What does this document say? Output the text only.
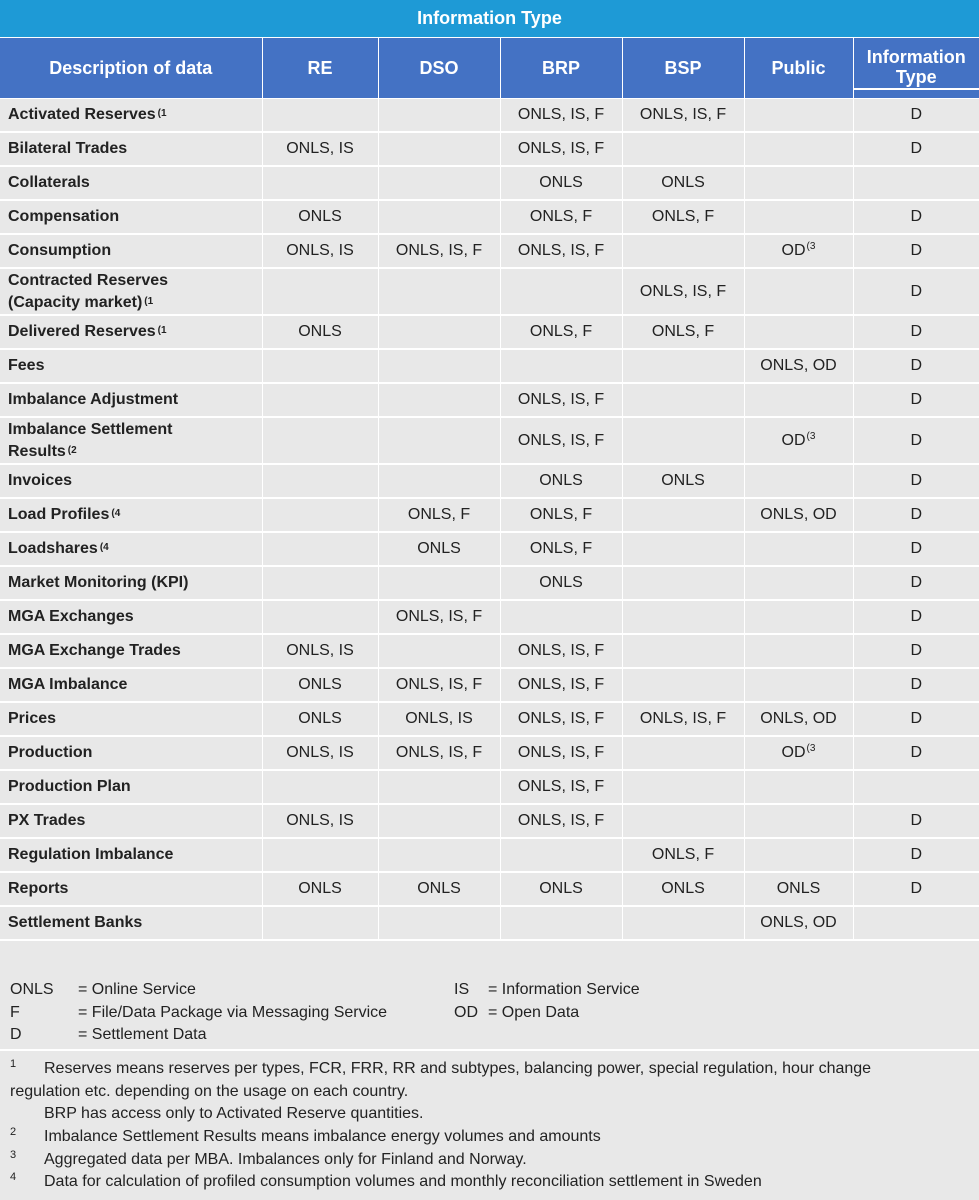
Information Type
Description of data	RE	DSO	BRP	BSP	Public	Information Type
Activated Reserves $^{(1}$			ONLS, IS, F	ONLS, IS, F		D
Bilateral Trades	ONLS, IS		ONLS, IS, F			D
Collaterals			ONLS	ONLS		
Compensation	ONLS		ONLS, F	ONLS, F		D
Consumption	ONLS, IS	ONLS, IS, F	ONLS, IS, F		OD$^{(3}$	D
Contracted Reserves
(Capacity market) $^{(1}$				ONLS, IS, F		D
Delivered Reserves $^{(1}$	ONLS		ONLS, F	ONLS, F		D
Fees					ONLS, OD	D
Imbalance Adjustment			ONLS, IS, F			D
Imbalance Settlement
Results $^{(2}$			ONLS, IS, F		OD$^{(3}$	D
Invoices			ONLS	ONLS		D
Load Profiles $^{(4}$		ONLS, F	ONLS, F		ONLS, OD	D
Loadshares $^{(4}$		ONLS	ONLS, F			D
Market Monitoring (KPI)			ONLS			D
MGA Exchanges		ONLS, IS, F				D
MGA Exchange Trades	ONLS, IS		ONLS, IS, F			D
MGA Imbalance	ONLS	ONLS, IS, F	ONLS, IS, F			D
Prices	ONLS	ONLS, IS	ONLS, IS, F	ONLS, IS, F	ONLS, OD	D
Production	ONLS, IS	ONLS, IS, F	ONLS, IS, F		OD$^{(3}$	D
Production Plan			ONLS, IS, F			
PX Trades	ONLS, IS		ONLS, IS, F			D
Regulation Imbalance				ONLS, F		D
Reports	ONLS	ONLS	ONLS	ONLS	ONLS	D
Settlement Banks					ONLS, OD	
ONLS = Online Service
F	= File/Data Package via Messaging Service
D	= Settlement Data
IS = Information Service
OD = Open Data
1 Reserves means reserves per types, FCR, FRR, RR and subtypes, balancing power, special regulation, hour change
regulation etc. depending on the usage on each country.
BRP has access only to Activated Reserve quantities.
2 Imbalance Settlement Results means imbalance energy volumes and amounts
3 Aggregated data per MBA. Imbalances only for Finland and Norway.
4 Data for calculation of profiled consumption volumes and monthly reconciliation settlement in Sweden
